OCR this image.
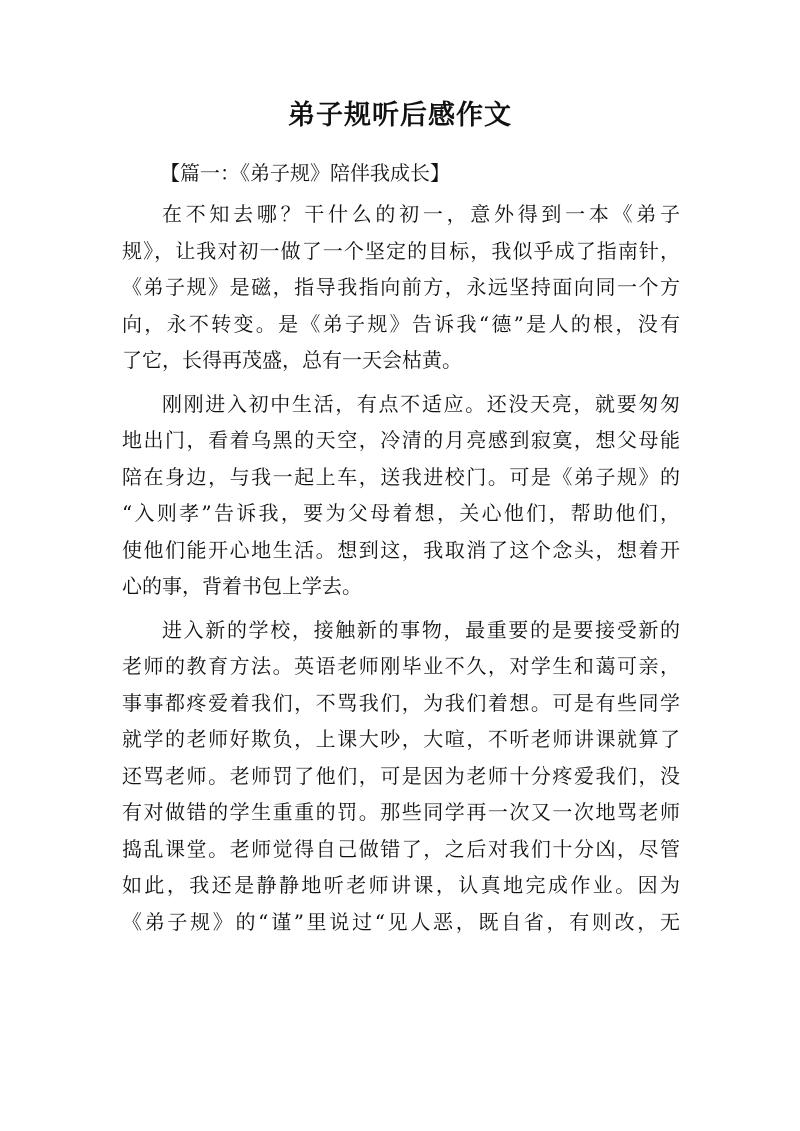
弟子规听后感作文

【篇一：《弟子规》陪伴我成长】

在不知去哪？干什么的初一，意外得到一本《弟子
规》，让我对初一做了一个坚定的目标，我似乎成了指南针，
《弟子规》是磁，指导我指向前方，永远坚持面向同一个方
向，永不转变。是《弟子规》告诉我“德”是人的根，没有
了它，长得再茂盛，总有一天会枯黄。

刚刚进入初中生活，有点不适应。还没天亮，就要匆匆
地出门，看着乌黑的天空，冷清的月亮感到寂寞，想父母能
陪在身边，与我一起上车，送我进校门。可是《弟子规》的
“入则孝”告诉我，要为父母着想，关心他们，帮助他们，
使他们能开心地生活。想到这，我取消了这个念头，想着开
心的事，背着书包上学去。

进入新的学校，接触新的事物，最重要的是要接受新的
老师的教育方法。英语老师刚毕业不久，对学生和蔼可亲，
事事都疼爱着我们，不骂我们，为我们着想。可是有些同学
就学的老师好欺负，上课大吵，大喧，不听老师讲课就算了
还骂老师。老师罚了他们，可是因为老师十分疼爱我们，没
有对做错的学生重重的罚。那些同学再一次又一次地骂老师
捣乱课堂。老师觉得自己做错了，之后对我们十分凶，尽管
如此，我还是静静地听老师讲课，认真地完成作业。因为
《弟子规》的“谨”里说过“见人恶，既自省，有则改，无
